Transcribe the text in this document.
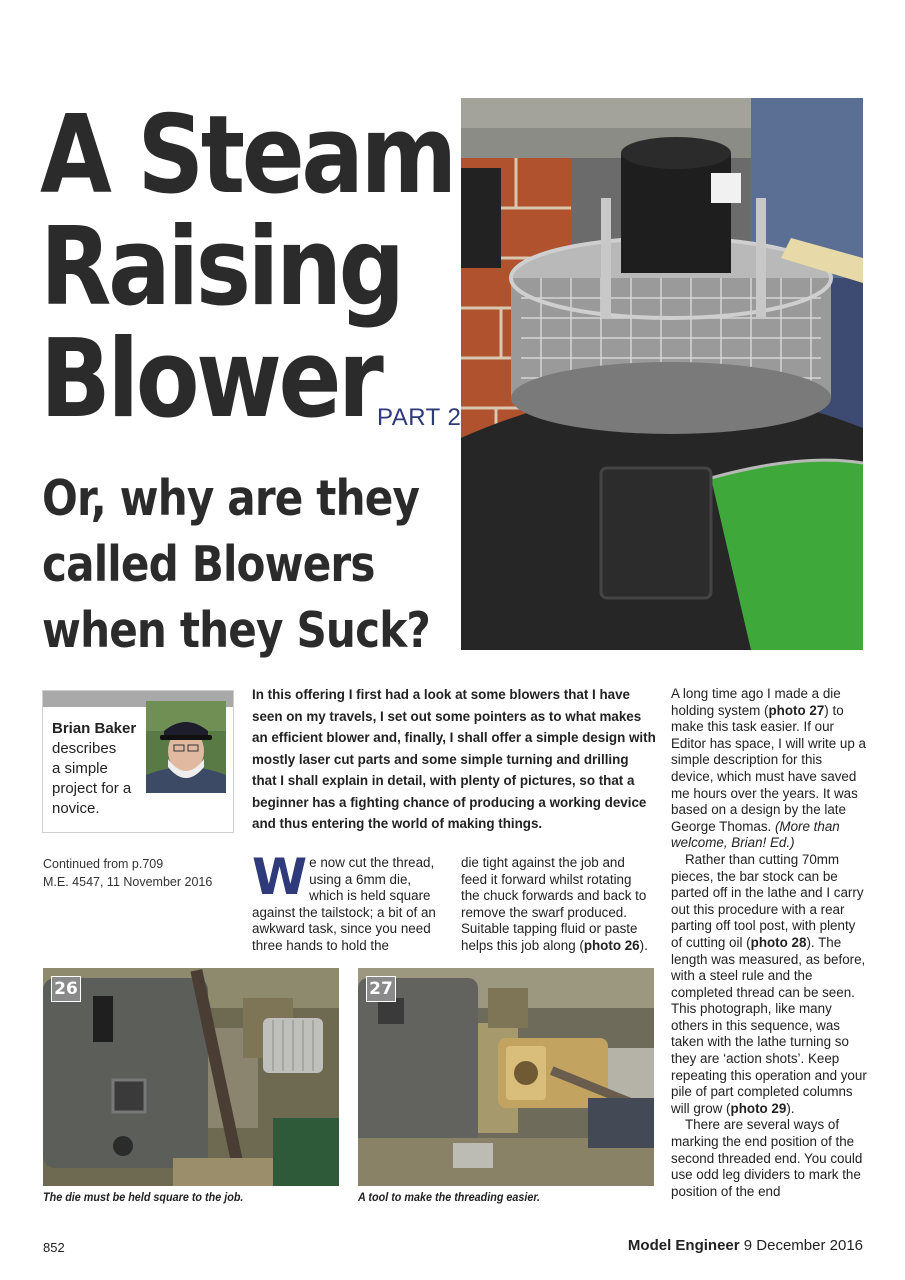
A Steam
Raising
Blower
PART 2
Or, why are they
called Blowers
when they Suck?
Brian Baker
describes
a simple
project for a
novice.
In this offering I first had a look at some blowers that I have seen on my travels, I set out some pointers as to what makes an efficient blower and, finally, I shall offer a simple design with mostly laser cut parts and some simple turning and drilling that I shall explain in detail, with plenty of pictures, so that a beginner has a fighting chance of producing a working device and thus entering the world of making things.
Continued from p.709
M.E. 4547, 11 November 2016 We now cut the thread, using a 6mm die, which is held square against the tailstock; a bit of an awkward task, since you need three hands to hold the
die tight against the job and feed it forward whilst rotating the chuck forwards and back to remove the swarf produced. Suitable tapping fluid or paste helps this job along (photo 26).

A long time ago I made a die holding system (photo 27) to make this task easier. If our Editor has space, I will write up a simple description for this device, which must have saved me hours over the years. It was based on a design by the late George Thomas. (More than welcome, Brian! Ed.)

Rather than cutting 70mm pieces, the bar stock can be parted off in the lathe and I carry out this procedure with a rear parting off tool post, with plenty of cutting oil (photo 28). The length was measured, as before, with a steel rule and the completed thread can be seen. This photograph, like many others in this sequence, was taken with the lathe turning so they are ‘action shots’. Keep repeating this operation and your pile of part completed columns will grow (photo 29).

There are several ways of marking the end position of the second threaded end. You could use odd leg dividers to mark the position of the end

26	27
The die must be held square to the job.	A tool to make the threading easier.
852	Model Engineer 9 December 2016
